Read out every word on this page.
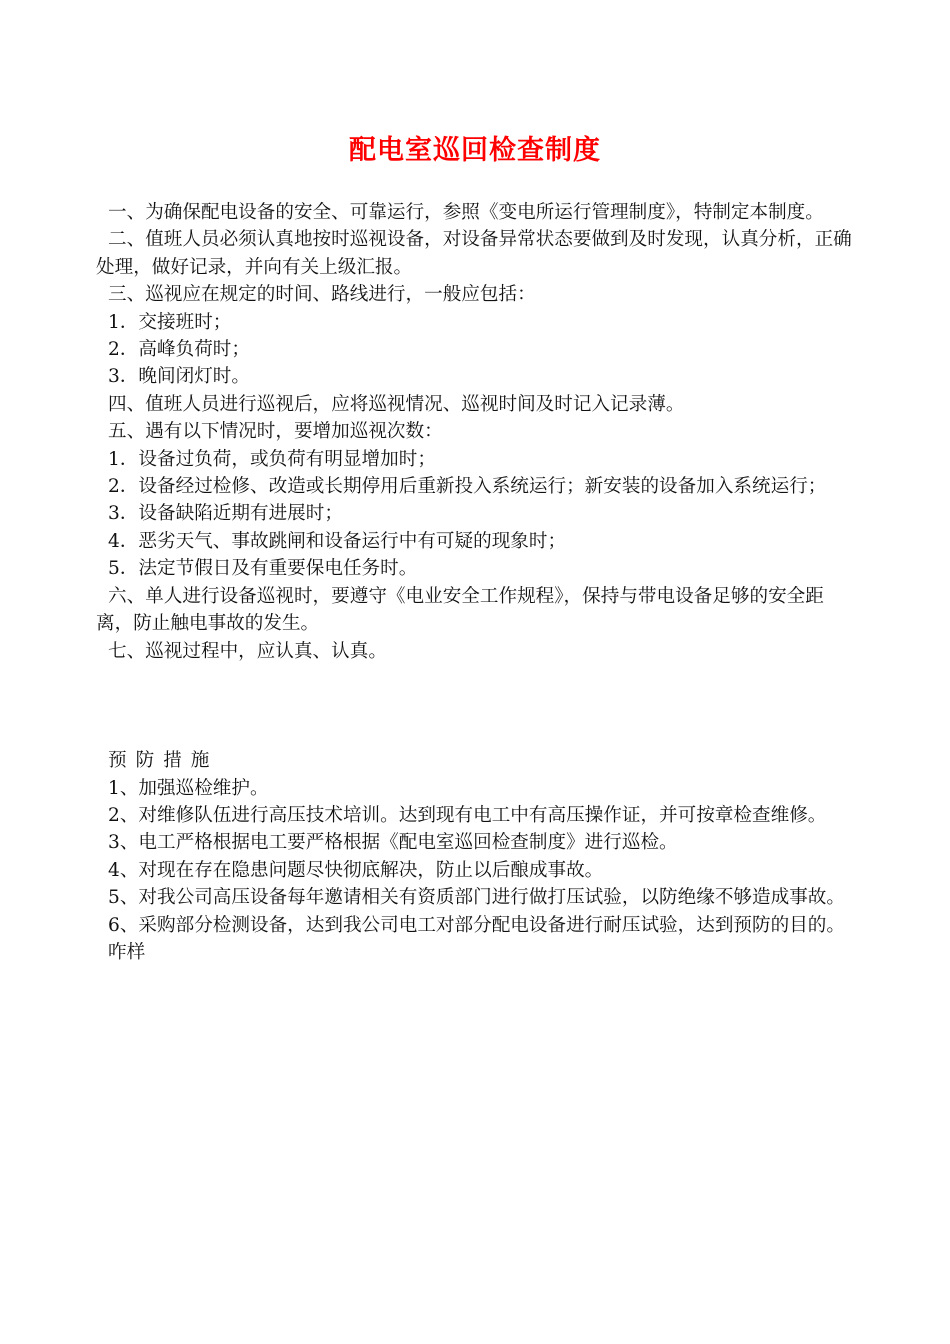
配电室巡回检查制度

一、为确保配电设备的安全、可靠运行，参照《变电所运行管理制度》，特制定本制度。

二、值班人员必须认真地按时巡视设备，对设备异常状态要做到及时发现，认真分析，正确处理，做好记录，并向有关上级汇报。

三、巡视应在规定的时间、路线进行，一般应包括：

1．交接班时；

2．高峰负荷时；

3．晚间闭灯时。

四、值班人员进行巡视后，应将巡视情况、巡视时间及时记入记录薄。

五、遇有以下情况时，要增加巡视次数：

1．设备过负荷，或负荷有明显增加时；

2．设备经过检修、改造或长期停用后重新投入系统运行；新安装的设备加入系统运行；

3．设备缺陷近期有进展时；

4．恶劣天气、事故跳闸和设备运行中有可疑的现象时；

5．法定节假日及有重要保电任务时。

六、单人进行设备巡视时，要遵守《电业安全工作规程》，保持与带电设备足够的安全距离，防止触电事故的发生。

七、巡视过程中，应认真、认真。

预防措施

1、加强巡检维护。

2、对维修队伍进行高压技术培训。达到现有电工中有高压操作证，并可按章检查维修。

3、电工严格根据电工要严格根据《配电室巡回检查制度》进行巡检。

4、对现在存在隐患问题尽快彻底解决，防止以后酿成事故。

5、对我公司高压设备每年邀请相关有资质部门进行做打压试验，以防绝缘不够造成事故。

6、采购部分检测设备，达到我公司电工对部分配电设备进行耐压试验，达到预防的目的。

咋样
